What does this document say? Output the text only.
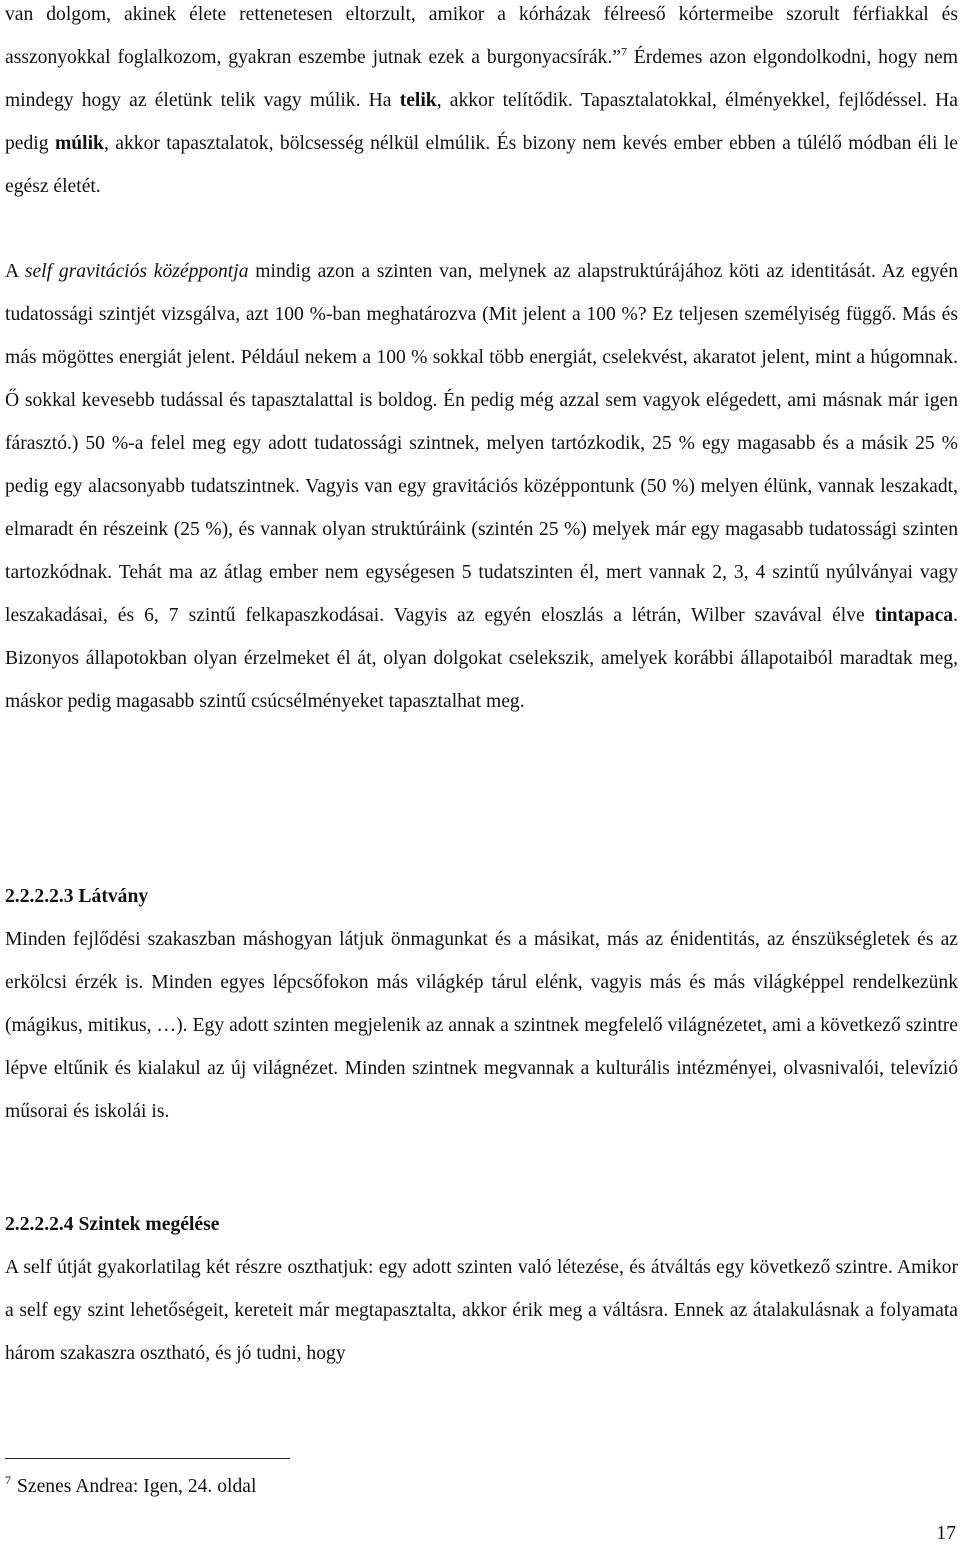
van dolgom, akinek élete rettenetesen eltorzult, amikor a kórházak félreeső kórtermeibe szorult férfiakkal és asszonyokkal foglalkozom, gyakran eszembe jutnak ezek a burgonyacsírák.”$^7$ Érdemes azon elgondolkodni, hogy nem mindegy hogy az életünk telik vagy múlik. Ha telik, akkor telítődik. Tapasztalatokkal, élményekkel, fejlődéssel. Ha pedig múlik, akkor tapasztalatok, bölcsesség nélkül elmúlik. És bizony nem kevés ember ebben a túlélő módban éli le egész életét.

A self gravitációs középpontja mindig azon a szinten van, melynek az alapstruktúrájához köti az identitását. Az egyén tudatossági szintjét vizsgálva, azt 100 %-ban meghatározva (Mit jelent a 100 %? Ez teljesen személyiség függő. Más és más mögöttes energiát jelent. Például nekem a 100 % sokkal több energiát, cselekvést, akaratot jelent, mint a húgomnak. Ő sokkal kevesebb tudással és tapasztalattal is boldog. Én pedig még azzal sem vagyok elégedett, ami másnak már igen fárasztó.) 50 %-a felel meg egy adott tudatossági szintnek, melyen tartózkodik, 25 % egy magasabb és a másik 25 % pedig egy alacsonyabb tudatszintnek. Vagyis van egy gravitációs középpontunk (50 %) melyen élünk, vannak leszakadt, elmaradt én részeink (25 %), és vannak olyan struktúráink (szintén 25 %) melyek már egy magasabb tudatossági szinten tartozkódnak. Tehát ma az átlag ember nem egységesen 5 tudatszinten él, mert vannak 2, 3, 4 szintű nyúlványai vagy leszakadásai, és 6, 7 szintű felkapaszkodásai. Vagyis az egyén eloszlás a létrán, Wilber szavával élve tintapaca. Bizonyos állapotokban olyan érzelmeket él át, olyan dolgokat cselekszik, amelyek korábbi állapotaiból maradtak meg, máskor pedig magasabb szintű csúcsélményeket tapasztalhat meg.

2.2.2.2.3 Látvány

Minden fejlődési szakaszban máshogyan látjuk önmagunkat és a másikat, más az énidentitás, az énszükségletek és az erkölcsi érzék is. Minden egyes lépcsőfokon más világkép tárul elénk, vagyis más és más világképpel rendelkezünk (mágikus, mitikus, …). Egy adott szinten megjelenik az annak a szintnek megfelelő világnézetet, ami a következő szintre lépve eltűnik és kialakul az új világnézet. Minden szintnek megvannak a kulturális intézményei, olvasnivalói, televízió műsorai és iskolái is.

2.2.2.2.4 Szintek megélése

A self útját gyakorlatilag két részre oszthatjuk: egy adott szinten való létezése, és átváltás egy következő szintre. Amikor a self egy szint lehetőségeit, kereteit már megtapasztalta, akkor érik meg a váltásra. Ennek az átalakulásnak a folyamata három szakaszra osztható, és jó tudni, hogy

$^7$ Szenes Andrea: Igen, 24. oldal

17
